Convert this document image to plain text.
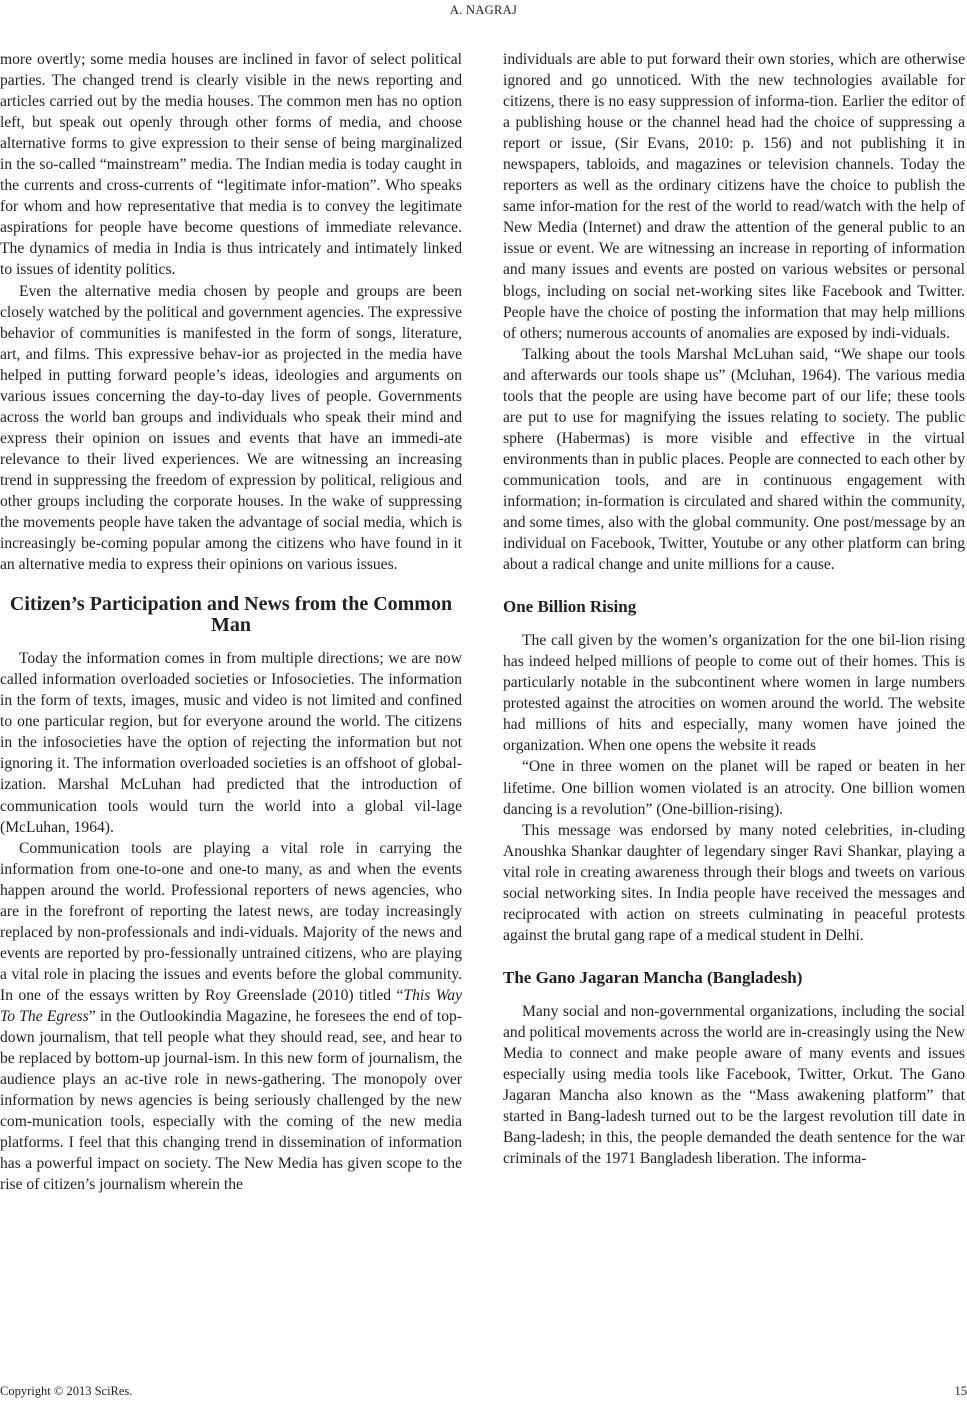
A. NAGRAJ

more overtly; some media houses are inclined in favor of select political parties. The changed trend is clearly visible in the news reporting and articles carried out by the media houses. The common men has no option left, but speak out openly through other forms of media, and choose alternative forms to give expression to their sense of being marginalized in the so-called “mainstream” media. The Indian media is today caught in the currents and cross-currents of “legitimate infor-mation”. Who speaks for whom and how representative that media is to convey the legitimate aspirations for people have become questions of immediate relevance. The dynamics of media in India is thus intricately and intimately linked to issues of identity politics.

Even the alternative media chosen by people and groups are been closely watched by the political and government agencies. The expressive behavior of communities is manifested in the form of songs, literature, art, and films. This expressive behav-ior as projected in the media have helped in putting forward people’s ideas, ideologies and arguments on various issues concerning the day-to-day lives of people. Governments across the world ban groups and individuals who speak their mind and express their opinion on issues and events that have an immedi-ate relevance to their lived experiences. We are witnessing an increasing trend in suppressing the freedom of expression by political, religious and other groups including the corporate houses. In the wake of suppressing the movements people have taken the advantage of social media, which is increasingly be-coming popular among the citizens who have found in it an alternative media to express their opinions on various issues.

Citizen’s Participation and News from the Common Man

Today the information comes in from multiple directions; we are now called information overloaded societies or Infosocieties. The information in the form of texts, images, music and video is not limited and confined to one particular region, but for everyone around the world. The citizens in the infosocieties have the option of rejecting the information but not ignoring it. The information overloaded societies is an offshoot of global-ization. Marshal McLuhan had predicted that the introduction of communication tools would turn the world into a global vil-lage (McLuhan, 1964).

Communication tools are playing a vital role in carrying the information from one-to-one and one-to many, as and when the events happen around the world. Professional reporters of news agencies, who are in the forefront of reporting the latest news, are today increasingly replaced by non-professionals and indi-viduals. Majority of the news and events are reported by pro-fessionally untrained citizens, who are playing a vital role in placing the issues and events before the global community. In one of the essays written by Roy Greenslade (2010) titled “This Way To The Egress” in the Outlookindia Magazine, he foresees the end of top-down journalism, that tell people what they should read, see, and hear to be replaced by bottom-up journal-ism. In this new form of journalism, the audience plays an ac-tive role in news-gathering. The monopoly over information by news agencies is being seriously challenged by the new com-munication tools, especially with the coming of the new media platforms. I feel that this changing trend in dissemination of information has a powerful impact on society. The New Media has given scope to the rise of citizen’s journalism wherein the

individuals are able to put forward their own stories, which are otherwise ignored and go unnoticed. With the new technologies available for citizens, there is no easy suppression of informa-tion. Earlier the editor of a publishing house or the channel head had the choice of suppressing a report or issue, (Sir Evans, 2010: p. 156) and not publishing it in newspapers, tabloids, and magazines or television channels. Today the reporters as well as the ordinary citizens have the choice to publish the same infor-mation for the rest of the world to read/watch with the help of New Media (Internet) and draw the attention of the general public to an issue or event. We are witnessing an increase in reporting of information and many issues and events are posted on various websites or personal blogs, including on social net-working sites like Facebook and Twitter. People have the choice of posting the information that may help millions of others; numerous accounts of anomalies are exposed by indi-viduals.

Talking about the tools Marshal McLuhan said, “We shape our tools and afterwards our tools shape us” (Mcluhan, 1964). The various media tools that the people are using have become part of our life; these tools are put to use for magnifying the issues relating to society. The public sphere (Habermas) is more visible and effective in the virtual environments than in public places. People are connected to each other by communication tools, and are in continuous engagement with information; in-formation is circulated and shared within the community, and some times, also with the global community. One post/message by an individual on Facebook, Twitter, Youtube or any other platform can bring about a radical change and unite millions for a cause.

One Billion Rising

The call given by the women’s organization for the one bil-lion rising has indeed helped millions of people to come out of their homes. This is particularly notable in the subcontinent where women in large numbers protested against the atrocities on women around the world. The website had millions of hits and especially, many women have joined the organization. When one opens the website it reads

“One in three women on the planet will be raped or beaten in her lifetime. One billion women violated is an atrocity. One billion women dancing is a revolution” (One-billion-rising).

This message was endorsed by many noted celebrities, in-cluding Anoushka Shankar daughter of legendary singer Ravi Shankar, playing a vital role in creating awareness through their blogs and tweets on various social networking sites. In India people have received the messages and reciprocated with action on streets culminating in peaceful protests against the brutal gang rape of a medical student in Delhi.

The Gano Jagaran Mancha (Bangladesh)

Many social and non-governmental organizations, including the social and political movements across the world are in-creasingly using the New Media to connect and make people aware of many events and issues especially using media tools like Facebook, Twitter, Orkut. The Gano Jagaran Mancha also known as the “Mass awakening platform” that started in Bang-ladesh turned out to be the largest revolution till date in Bang-ladesh; in this, the people demanded the death sentence for the war criminals of the 1971 Bangladesh liberation. The informa-

Copyright © 2013 SciRes.	15
